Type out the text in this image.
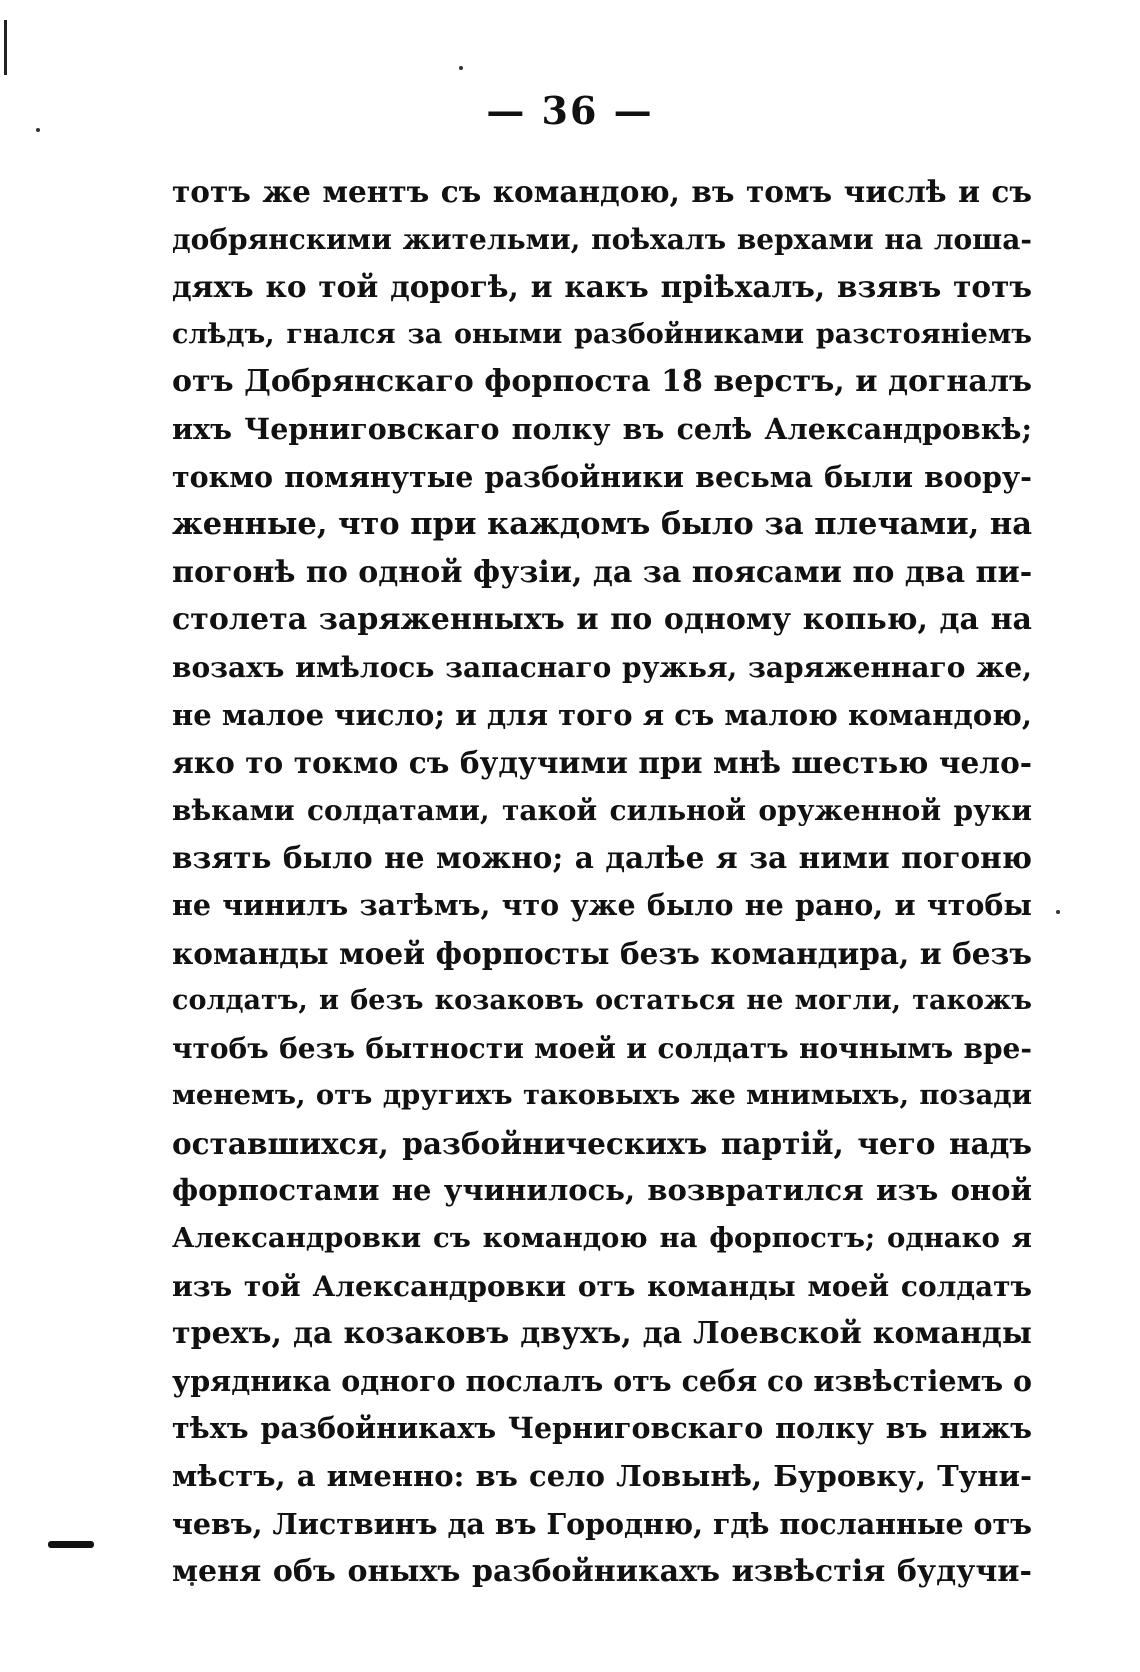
— 36 —
тотъ же ментъ съ командою, въ томъ числѣ и съ
добрянскими жительми, поѣхалъ верхами на лоша-
дяхъ ко той дорогѣ, и какъ пріѣхалъ, взявъ тотъ
слѣдъ, гнался за оными разбойниками разстояніемъ
отъ Добрянскаго форпоста 18 верстъ, и догналъ
ихъ Черниговскаго полку въ селѣ Александровкѣ;
токмо помянутые разбойники весьма были воору-
женные, что при каждомъ было за плечами, на
погонѣ по одной фузіи, да за поясами по два пи-
столета заряженныхъ и по одному копью, да на
возахъ имѣлось запаснаго ружья, заряженнаго же,
не малое число; и для того я съ малою командою,
яко то токмо съ будучими при мнѣ шестью чело-
вѣками солдатами, такой сильной оруженной руки
взять было не можно; а далѣе я за ними погоню
не чинилъ затѣмъ, что уже было не рано, и чтобы
команды моей форпосты безъ командира, и безъ
солдатъ, и безъ козаковъ остаться не могли, такожъ
чтобъ безъ бытности моей и солдатъ ночнымъ вре-
менемъ, отъ другихъ таковыхъ же мнимыхъ, позади
оставшихся, разбойническихъ партій, чего надъ
форпостами не учинилось, возвратился изъ оной
Александровки съ командою на форпостъ; однако я
изъ той Александровки отъ команды моей солдатъ
трехъ, да козаковъ двухъ, да Лоевской команды
урядника одного послалъ отъ себя со извѣстіемъ о
тѣхъ разбойникахъ Черниговскаго полку въ нижъ
мѣстъ, а именно: въ село Ловынѣ, Буровку, Туни-
чевъ, Листвинъ да въ Городню, гдѣ посланные отъ
меня объ оныхъ разбойникахъ извѣстія будучи-
